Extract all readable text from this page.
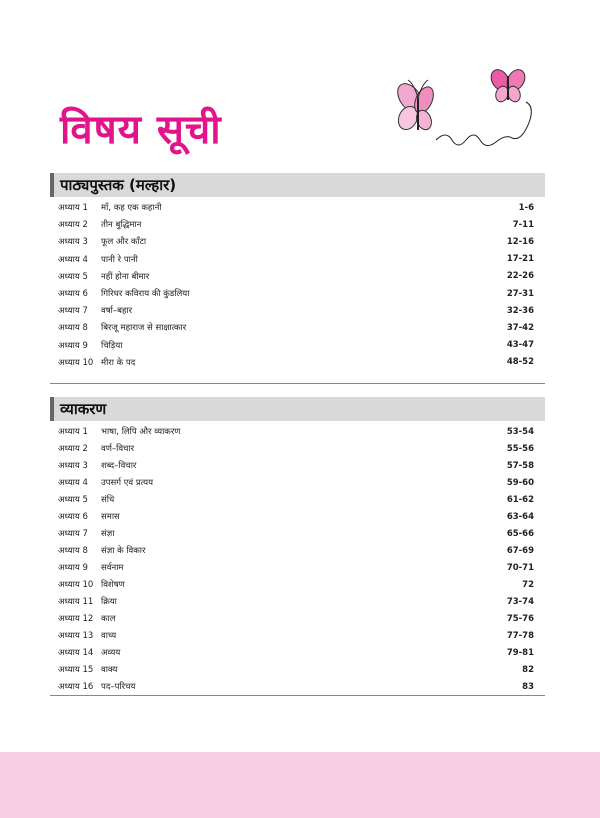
विषय सूची
पाठ्यपुस्तक (मल्हार)
अध्याय 1	माँ, कह एक कहानी	1-6
अध्याय 2	तीन बुद्धिमान	7-11
अध्याय 3	फूल और काँटा	12-16
अध्याय 4	पानी रे पानी	17-21
अध्याय 5	नहीं होना बीमार	22-26
अध्याय 6	गिरिधर कविराय की कुंडलिया	27-31
अध्याय 7	वर्षा–बहार	32-36
अध्याय 8	बिरजू महाराज से साक्षात्कार	37-42
अध्याय 9	चिड़िया	43-47
अध्याय 10 मीरा के पद	48-52
व्याकरण
अध्याय 1	भाषा, लिपि और व्याकरण	53-54
अध्याय 2	वर्ण–विचार	55-56
अध्याय 3	शब्द–विचार	57-58
अध्याय 4	उपसर्ग एवं प्रत्यय	59-60
अध्याय 5	संधि	61-62
अध्याय 6	समास	63-64
अध्याय 7	संज्ञा	65-66
अध्याय 8	संज्ञा के विकार	67-69
अध्याय 9	सर्वनाम	70-71
अध्याय 10 विशेषण	72
अध्याय 11 क्रिया	73-74
अध्याय 12 काल	75-76
अध्याय 13 वाच्य	77-78
अध्याय 14 अव्यय	79-81
अध्याय 15 वाक्य	82
अध्याय 16 पद–परिचय	83
